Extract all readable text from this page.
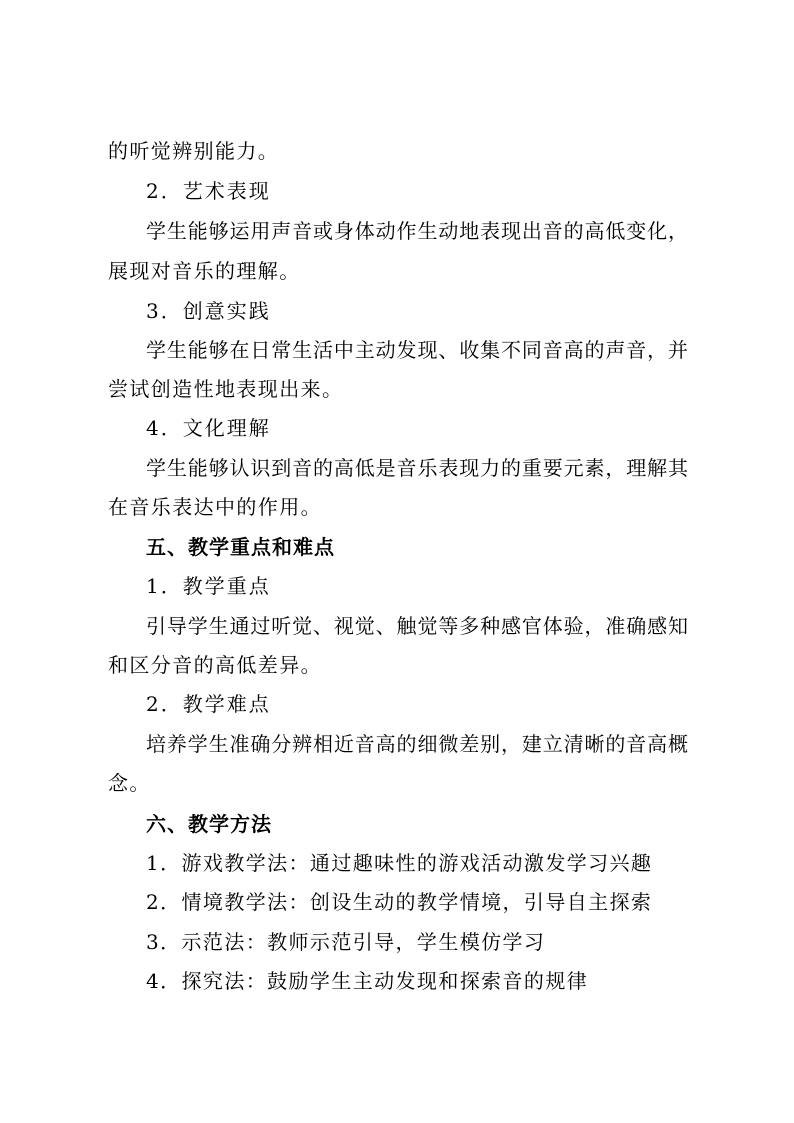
的听觉辨别能力。
2．艺术表现
学生能够运用声音或身体动作生动地表现出音的高低变化，
展现对音乐的理解。
3．创意实践
学生能够在日常生活中主动发现、收集不同音高的声音，并
尝试创造性地表现出来。
4．文化理解
学生能够认识到音的高低是音乐表现力的重要元素，理解其
在音乐表达中的作用。
五、教学重点和难点
1．教学重点
引导学生通过听觉、视觉、触觉等多种感官体验，准确感知
和区分音的高低差异。
2．教学难点
培养学生准确分辨相近音高的细微差别，建立清晰的音高概
念。
六、教学方法
1．游戏教学法：通过趣味性的游戏活动激发学习兴趣
2．情境教学法：创设生动的教学情境，引导自主探索
3．示范法：教师示范引导，学生模仿学习
4．探究法：鼓励学生主动发现和探索音的规律
